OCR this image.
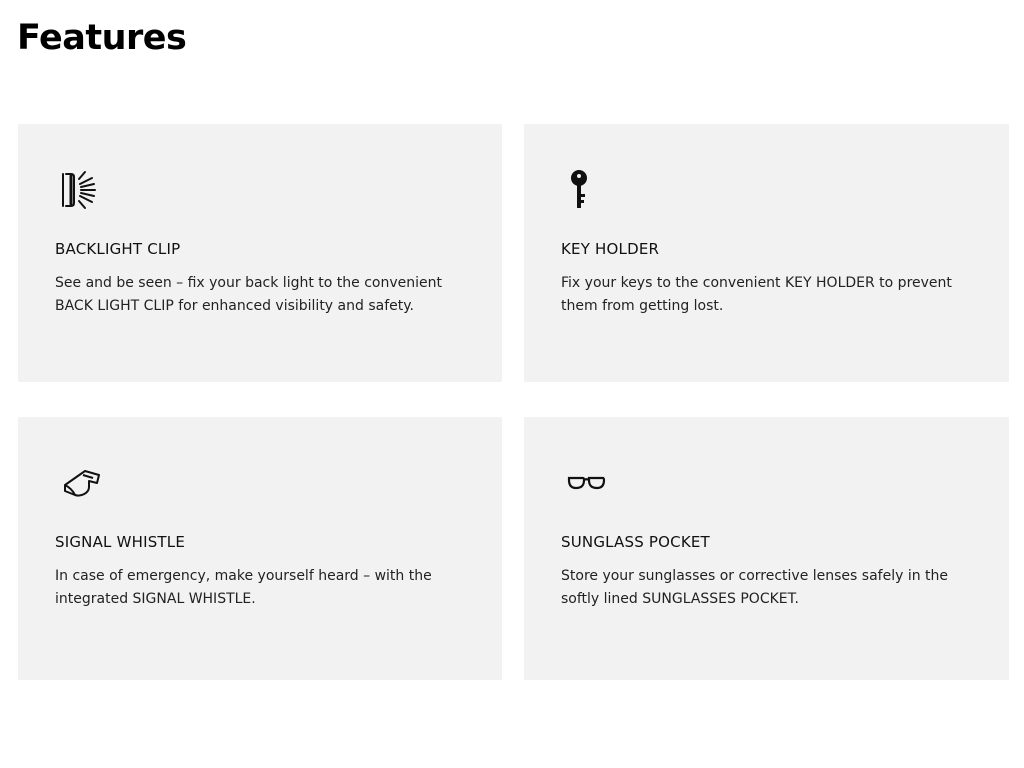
Features
BACKLIGHT CLIP

See and be seen – fix your back light to the convenient BACK LIGHT CLIP for enhanced visibility and safety.

KEY HOLDER

Fix your keys to the convenient KEY HOLDER to prevent them from getting lost.

SIGNAL WHISTLE

In case of emergency, make yourself heard – with the integrated SIGNAL WHISTLE.

SUNGLASS POCKET

Store your sunglasses or corrective lenses safely in the softly lined SUNGLASSES POCKET.
